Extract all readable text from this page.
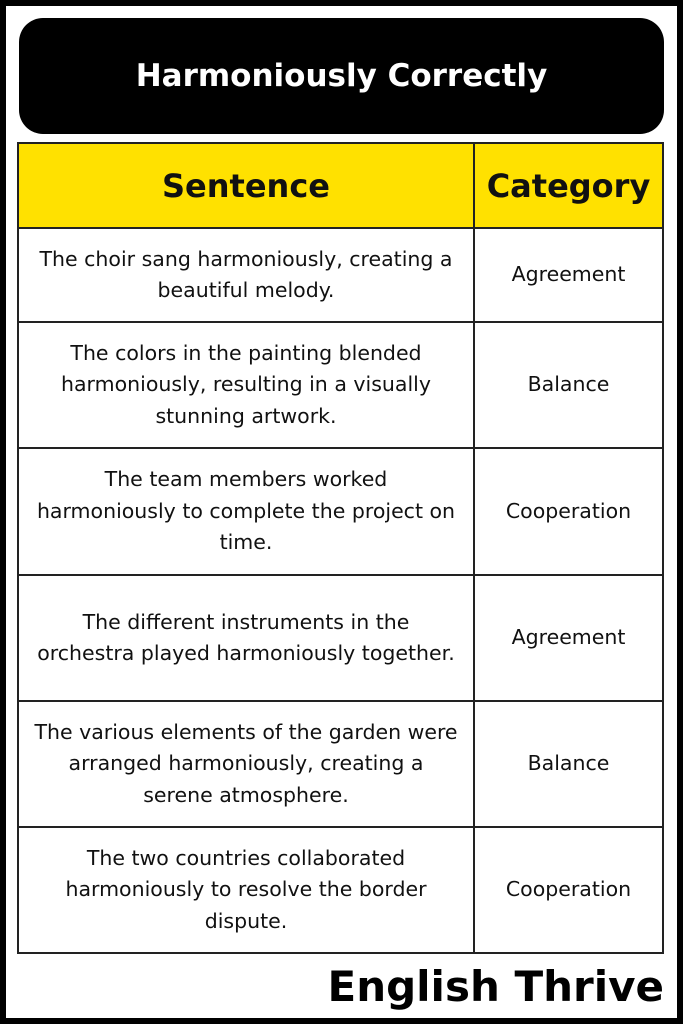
Harmoniously Correctly
Sentence	Category
The choir sang harmoniously, creating a beautiful melody.	Agreement
The colors in the painting blended harmoniously, resulting in a visually stunning artwork.	Balance
The team members worked harmoniously to complete the project on time.	Cooperation
The different instruments in the orchestra played harmoniously together.	Agreement
The various elements of the garden were arranged harmoniously, creating a serene atmosphere.	Balance
The two countries collaborated harmoniously to resolve the border dispute.	Cooperation
English Thrive
